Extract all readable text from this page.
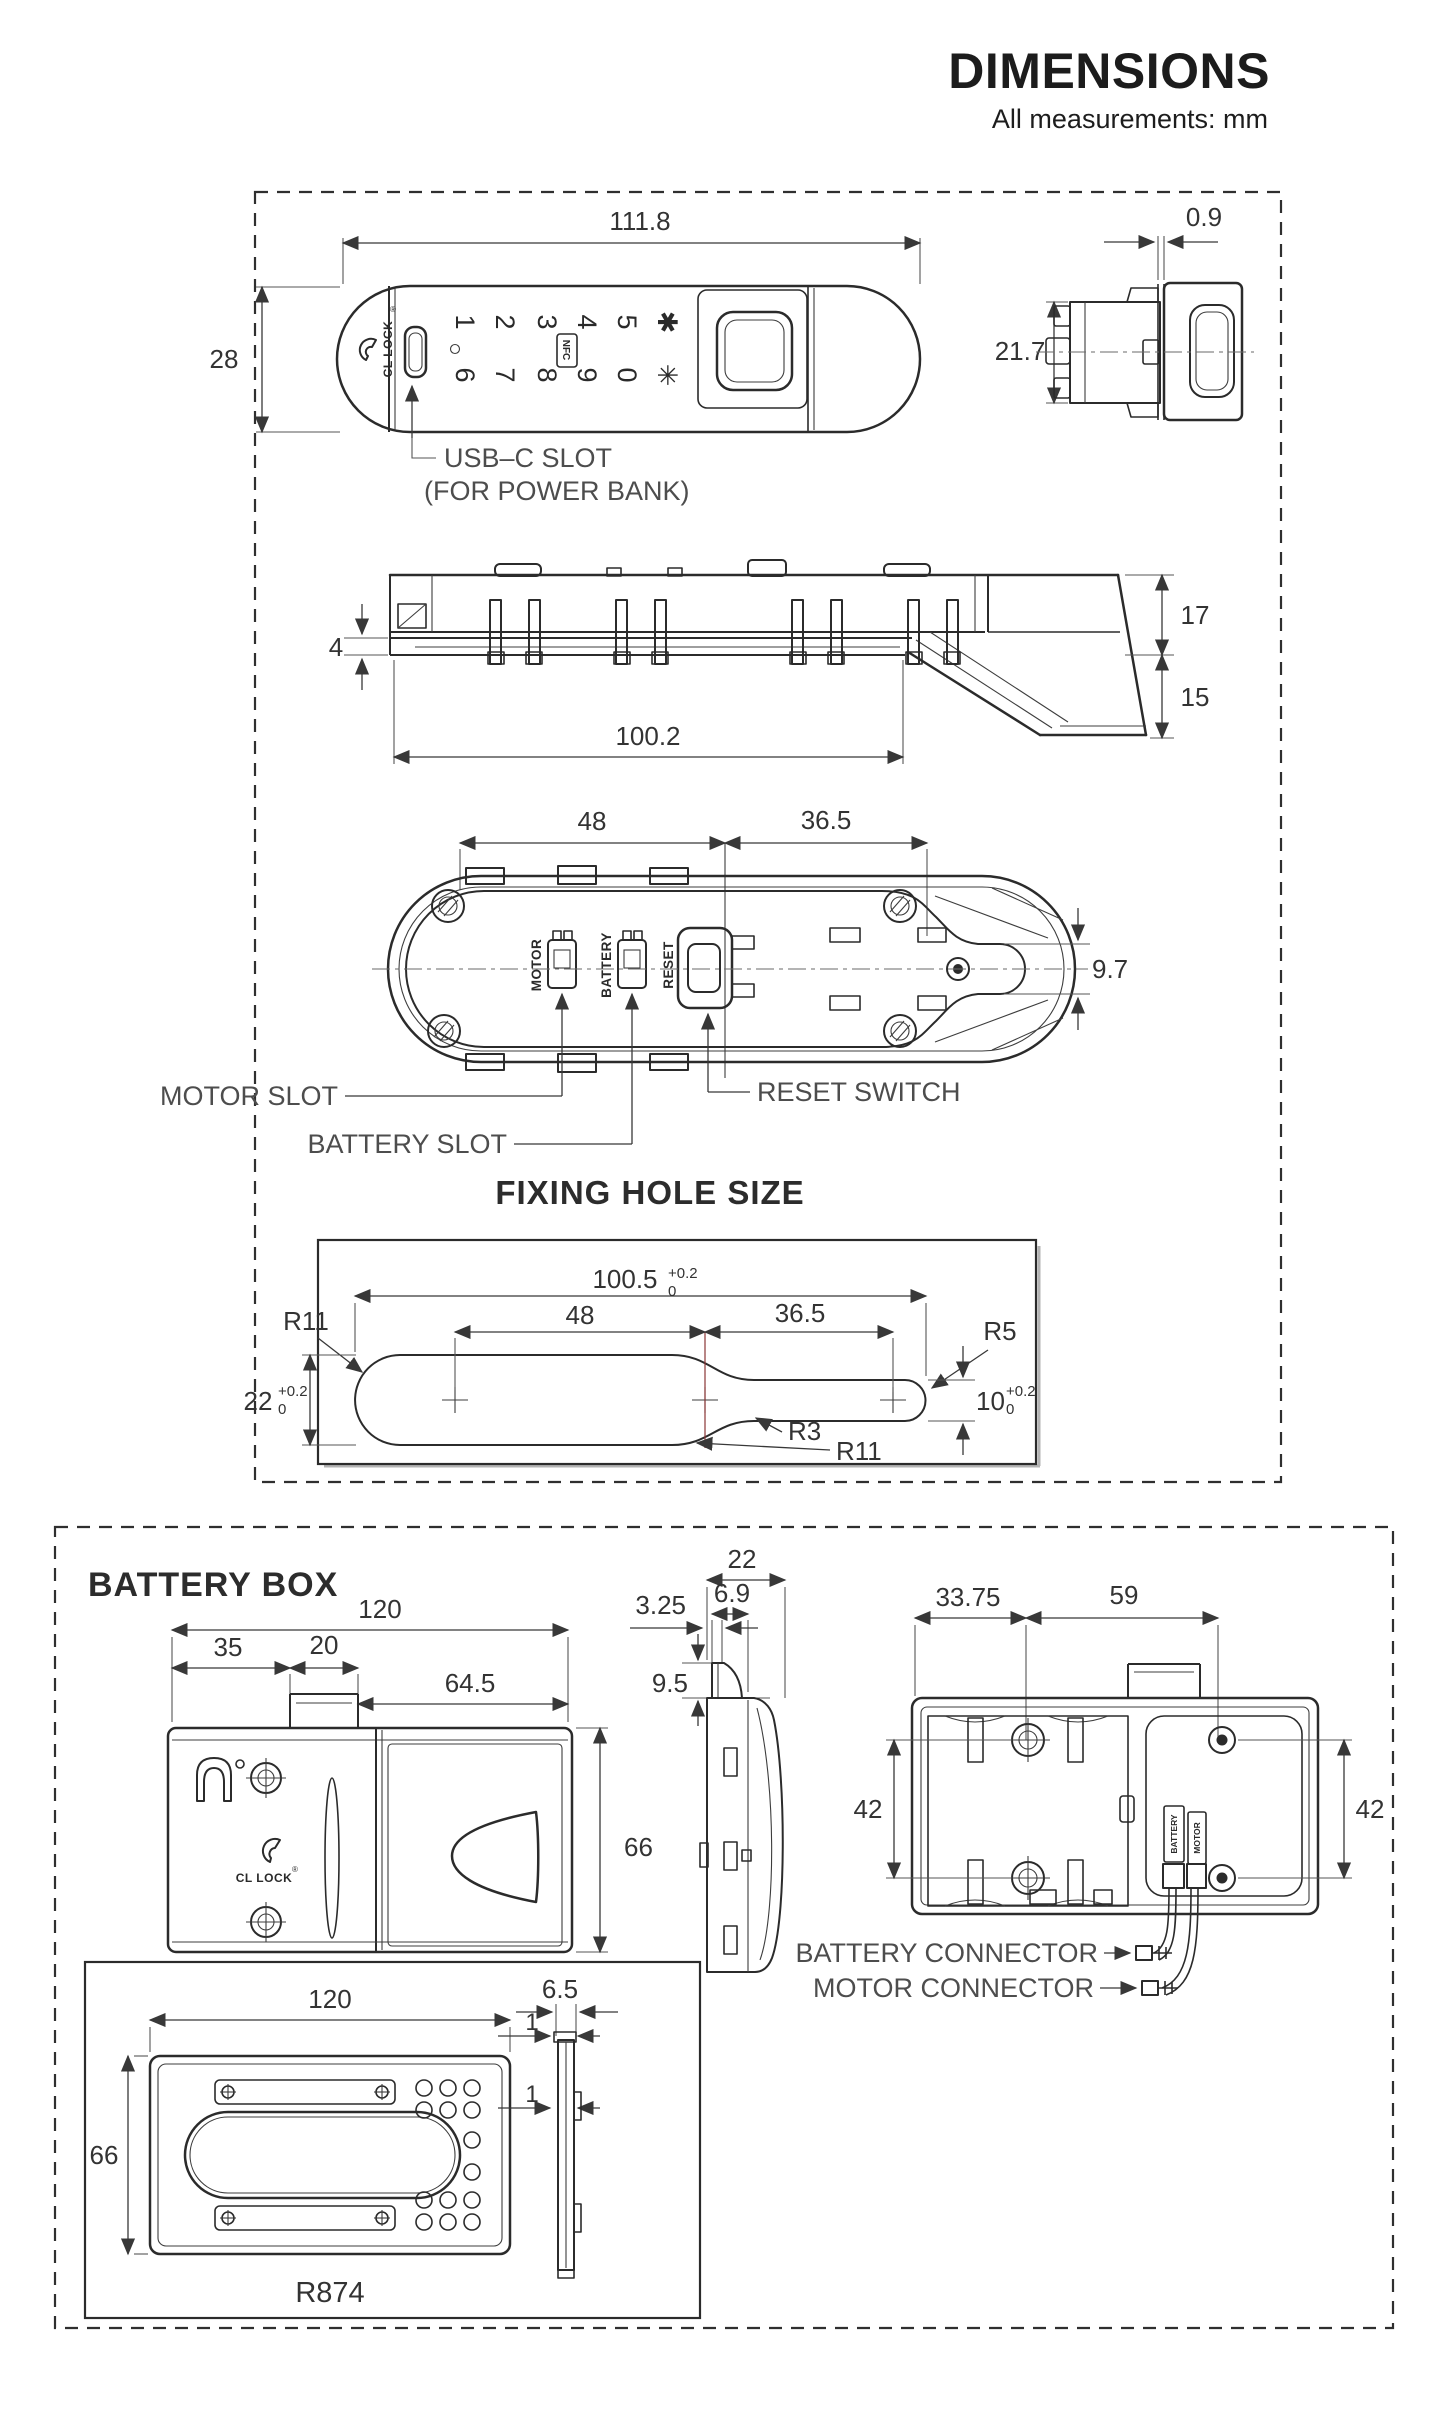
DIMENSIONS
All measurements: mm
111.8
28
1 2 3 4 5 ✱
6 7 8 9 0 ✳
NFC
CL LOCK
®
USB–C SLOT
(FOR POWER BANK)
0.9
21.7
17
15
4
100.2
48	36.5
MOTOR	BATTERY	RESET	9.7
MOTOR SLOT
BATTERY SLOT
RESET SWITCH
FIXING HOLE SIZE
100.5 +0.2
0
48	36.5
R11	R5
22 +0.2
0	10 +0.2
0
R3
R11
BATTERY BOX
120
35	20
64.5
CL LOCK
®
66
22
6.9
3.25
9.5
33.75	59
BATTERY MOTOR
42	42
BATTERY CONNECTOR
MOTOR CONNECTOR
120
66
R874
6.5
1
1
